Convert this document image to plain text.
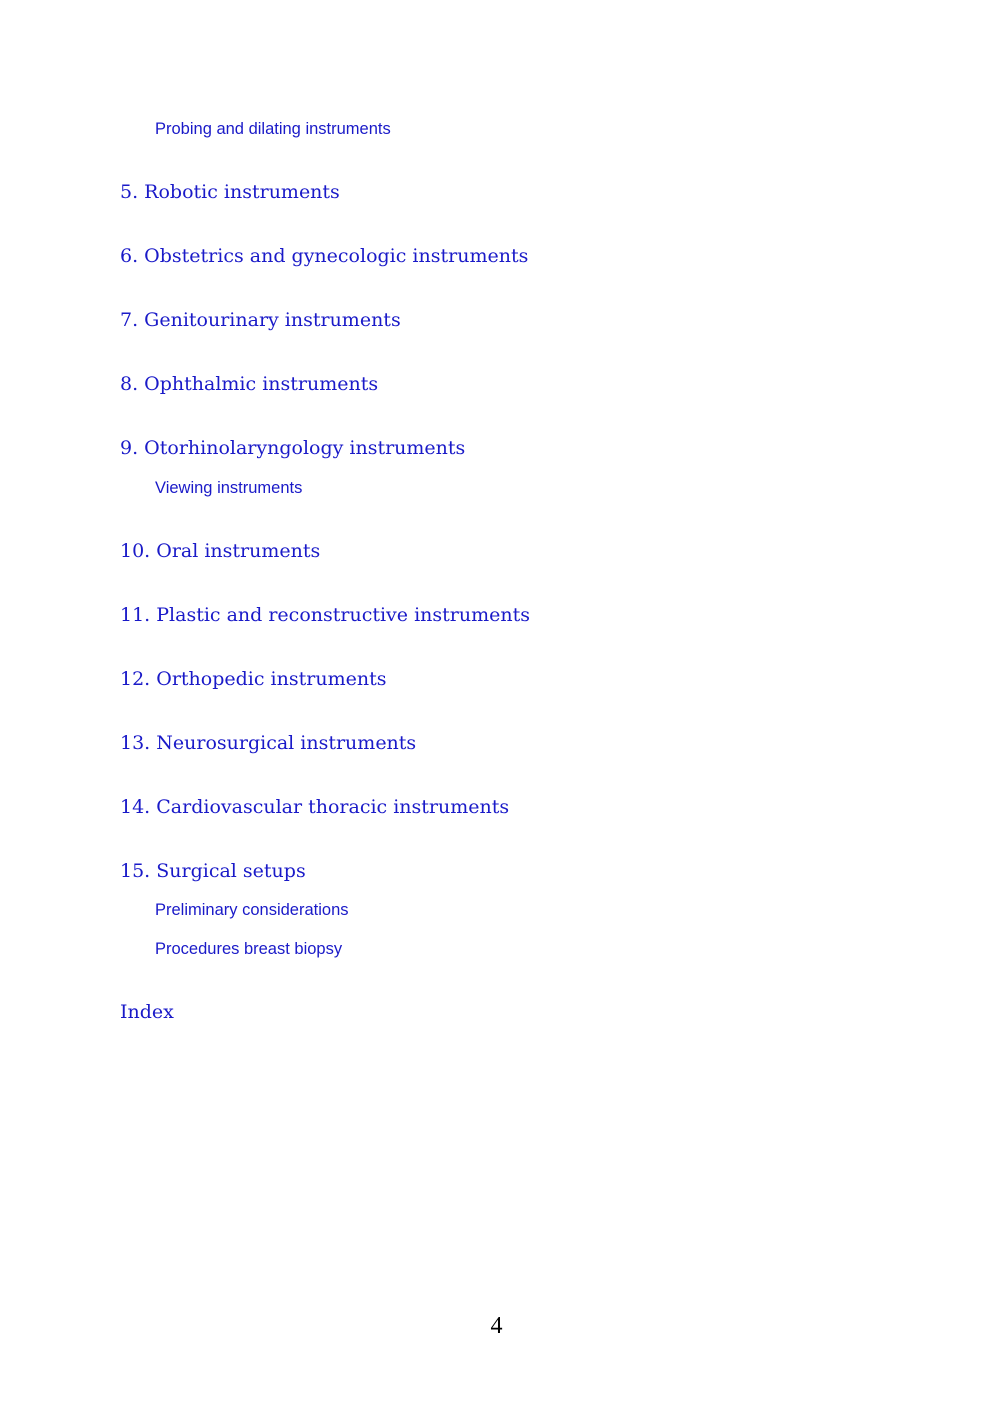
Probing and dilating instruments
5. Robotic instruments
6. Obstetrics and gynecologic instruments
7. Genitourinary instruments
8. Ophthalmic instruments
9. Otorhinolaryngology instruments
Viewing instruments
10. Oral instruments
11. Plastic and reconstructive instruments
12. Orthopedic instruments
13. Neurosurgical instruments
14. Cardiovascular thoracic instruments
15. Surgical setups
Preliminary considerations
Procedures breast biopsy
Index
4
